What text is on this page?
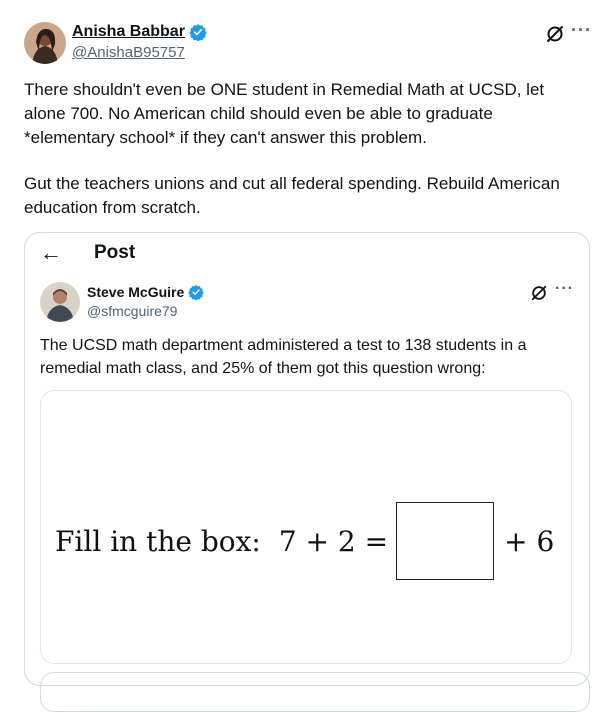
Anisha Babbar
@AnishaB95757
···
There shouldn't even be ONE student in Remedial Math at UCSD, let alone 700. No American child should even be able to graduate *elementary school* if they can't answer this problem.
Gut the teachers unions and cut all federal spending. Rebuild American education from scratch.
← Post
Steve McGuire
@sfmcguire79
···
The UCSD math department administered a test to 138 students in a remedial math class, and 25% of them got this question wrong:
Fill in the box: 7 + 2 =	+ 6
